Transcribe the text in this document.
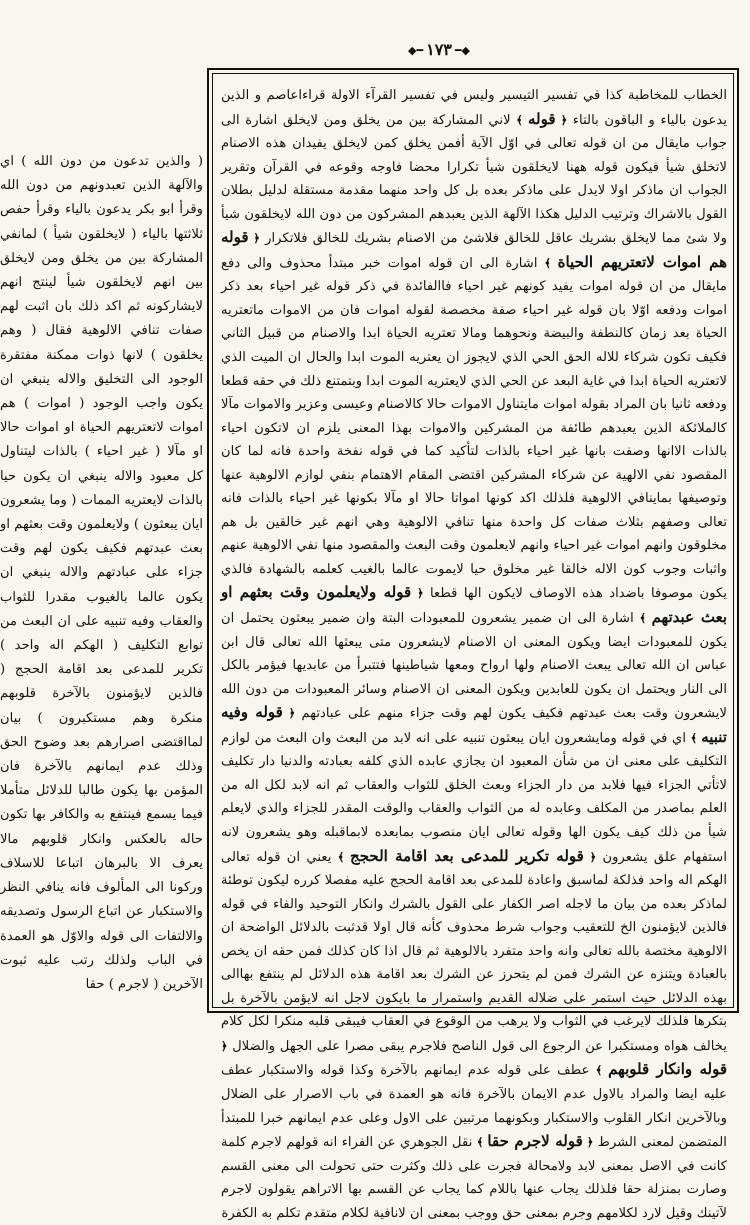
◆━ ١٧٣ ━◆

الخطاب للمخاطبة كذا في تفسير التيسير وليس في تفسير القرآء الاولة قراءاعاصم و الذين يدعون بالياء و الباقون بالتاء ﴿ قوله ﴾ لاني المشاركة بين من يخلق ومن لايخلق اشارة الى جواب مايقال من ان قوله تعالى في اوّل الآية أفمن يخلق كمن لايخلق يفيدان هذه الاصنام لاتخلق شيأ فيكون قوله ههنا لايخلقون شيأ تكرارا محضا فاوجه وقوعه في القرآن وتقرير الجواب ان ماذكر اولا لايدل على ماذكر بعده بل كل واحد منهما مقدمة مستقلة لدليل بطلان القول بالاشراك وترتيب الدليل هكذا الآلهة الذين يعبدهم المشركون من دون الله لايخلقون شيأ ولا شئ مما لايخلق بشريك عاقل للخالق فلاشئ من الاصنام بشريك للخالق فلاتكرار ﴿ قوله هم اموات لاتعتريهم الحياة ﴾ اشارة الى ان قوله اموات خبر مبتدأ محذوف والى دفع مايقال من ان قوله اموات يفيد كونهم غير احياء فاالفائدة في ذكر قوله غير احياء بعد ذكر اموات ودفعه اوّلا بان قوله غير احياء صفة مخصصة لقوله اموات فان من الاموات ماتعتريه الحياة بعد زمان كالنطفة والبيضة ونحوهما ومالا تعتريه الحياة ابدا والاصنام من قبيل الثاني فكيف تكون شركاء للاله الحق الحي الذي لايجوز ان يعتريه الموت ابدا والحال ان الميت الذي لاتعتريه الحياة ابدا في غاية البعد عن الحي الذي لايعتريه الموت ابدا وبتمتنع ذلك في حقه قطعا ودفعه ثانيا بان المراد بقوله اموات مايتناول الاموات حالا كالاصنام وعيسى وعزير والاموات مآلا كالملائكة الذين يعبدهم طائفة من المشركين والاموات بهذا المعنى يلزم ان لاتكون احياء بالذات الاانها وصفت بانها غير احياء بالذات لتأكيد كما في قوله نفخة واحدة فانه لما كان المقصود نفي الالهية عن شركاء المشركين اقتضى المقام الاهتمام بنفي لوازم الالوهية عنها وتوصيفها بماينافي الالوهية فلذلك اكد كونها امواتا حالا او مآلا بكونها غير احياء بالذات فانه تعالى وصفهم بثلاث صفات كل واحدة منها تنافي الالوهية وهي انهم غير خالقين بل هم مخلوقون وانهم اموات غير احياء وانهم لايعلمون وقت البعث والمقصود منها نفي الالوهية عنهم واثبات وجوب كون الاله خالقا غير مخلوق حيا لايموت عالما بالغيب كعلمه بالشهادة فالذي يكون موصوفا باضداد هذه الاوصاف لايكون الها قطعا ﴿ قوله ولايعلمون وقت بعثهم او بعث عبدتهم ﴾ اشارة الى ان ضمير يشعرون للمعبودات البتة وان ضمير يبعثون يحتمل ان يكون للمعبودات ايضا ويكون المعنى ان الاصنام لايشعرون متى يبعثها الله تعالى قال ابن عباس ان الله تعالى يبعث الاصنام ولها ارواح ومعها شياطينها فتتبرأ من عابديها فيؤمر بالكل الى النار ويحتمل ان يكون للعابدين ويكون المعنى ان الاصنام وسائر المعبودات من دون الله لايشعرون وقت بعث عبدتهم فكيف يكون لهم وقت جزاء منهم على عبادتهم ﴿ قوله وفيه تنبيه ﴾ اي في قوله ومايشعرون ايان يبعثون تنبيه على انه لابد من البعث وان البعث من لوازم التكليف على معنى ان من شأن المعبود ان يجازي عابده الذي كلفه بعبادته والدنيا دار تكليف لاتأتي الجزاء فيها فلابد من دار الجزاء وبعث الخلق للثواب والعقاب ثم انه لابد لكل اله من العلم بماصدر من المكلف وعابده له من الثواب والعقاب والوقت المقدر للجزاء والذي لايعلم شيأ من ذلك كيف يكون الها وقوله تعالى ايان منصوب بمابعده لابماقبله وهو يشعرون لانه استفهام علق يشعرون ﴿ قوله تكرير للمدعى بعد اقامة الحجج ﴾ يعني ان قوله تعالى الهكم اله واحد فذلكة لماسبق واعادة للمدعى بعد اقامة الحجج عليه مفصلا كرره ليكون توطئة لماذكر بعده من بيان ما لاجله اصر الكفار على القول بالشرك وانكار التوحيد والفاء في قوله فالذين لايؤمنون الخ للتعقيب وجواب شرط محذوف كأنه قال اولا قدثبت بالدلائل الواضحة ان الالوهية مختصة بالله تعالى وانه واحد متفرد بالالوهية ثم قال اذا كان كذلك فمن حقه ان يخص بالعبادة ويتنزه عن الشرك فمن لم يتحرز عن الشرك بعد اقامة هذه الدلائل لم ينتفع بهاالى بهذه الدلائل حيث استمر على ضلاله القديم واستمرار ما بايكون لاجل انه لايؤمن بالآخرة بل بتكرها فلذلك لايرغب في الثواب ولا يرهب من الوقوع في العقاب فيبقى قلبه منكرا لكل كلام يخالف هواه ومستكبرا عن الرجوع الى قول الناصح فلاجرم يبقى مصرا على الجهل والضلال ﴿ قوله وانكار قلوبهم ﴾ عطف على قوله عدم ايمانهم بالآخرة وكذا قوله والاستكبار عطف عليه ايضا والمراد بالاول عدم الايمان بالآخرة فانه هو العمدة في باب الاصرار على الضلال وبالآخرين انكار القلوب والاستكبار وبكونهما مرتبين على الاول وعلى عدم ايمانهم خبرا للمبتدأ المتضمن لمعنى الشرط ﴿ قوله لاجرم حقا ﴾ نقل الجوهري عن الفراء انه قولهم لاجرم كلمة كانت في الاصل بمعنى لابد ولامحالة فجرت على ذلك وكثرت حتى تحولت الى معنى القسم وصارت بمنزلة حقا فلذلك يجاب عنها باللام كما يجاب عن القسم بها الاتراهم يقولون لاجرم لآتينك وقيل لارد لكلامهم وجرم بمعنى حق ووجب بمعنى ان لانافية لكلام متقدم تكلم به الكفرة

( والذين تدعون من دون الله ) اي والآلهة الذين تعبدونهم من دون الله وقرأ ابو بكر يدعون بالياء وقرأ حفص ثلاثتها بالياء ( لايخلقون شيأ ) لمانفي المشاركة بين من يخلق ومن لايخلق بين انهم لايخلقون شيأ لينتج انهم لايشاركونه ثم اكد ذلك بان اثبت لهم صفات تنافي الالوهية فقال ( وهم يخلقون ) لانها ذوات ممكنة مفتقرة الوجود الى التخليق والاله ينبغي ان يكون واجب الوجود ( اموات ) هم اموات لاتعتريهم الحياة او اموات حالا او مآلا ( غير احياء ) بالذات ليتناول كل معبود والاله ينبغي ان يكون حيا بالذات لايعتريه الممات ( وما يشعرون ايان يبعثون ) ولايعلمون وقت بعثهم او بعث عبدتهم فكيف يكون لهم وقت جزاء على عبادتهم والاله ينبغي ان يكون عالما بالغيوب مقدرا للثواب والعقاب وفيه تنبيه على ان البعث من توابع التكليف ( الهكم اله واحد ) تكرير للمدعى بعد اقامة الحجج ( فالذين لايؤمنون بالآخرة قلوبهم منكرة وهم مستكبرون ) بيان لمااقتضى اصرارهم بعد وضوح الحق وذلك عدم ايمانهم بالآخرة فان المؤمن بها يكون طالبا للدلائل متأملا فيما يسمع فينتفع به والكافر بها تكون حاله بالعكس وانكار قلوبهم مالا يعرف الا بالبرهان اتباعا للاسلاف وركونا الى المألوف فانه ينافي النظر والاستكبار عن اتباع الرسول وتصديقه والالتفات الى قوله والاوّل هو العمدة في الباب ولذلك رتب عليه ثبوت الآخرين ( لاجرم ) حقا
